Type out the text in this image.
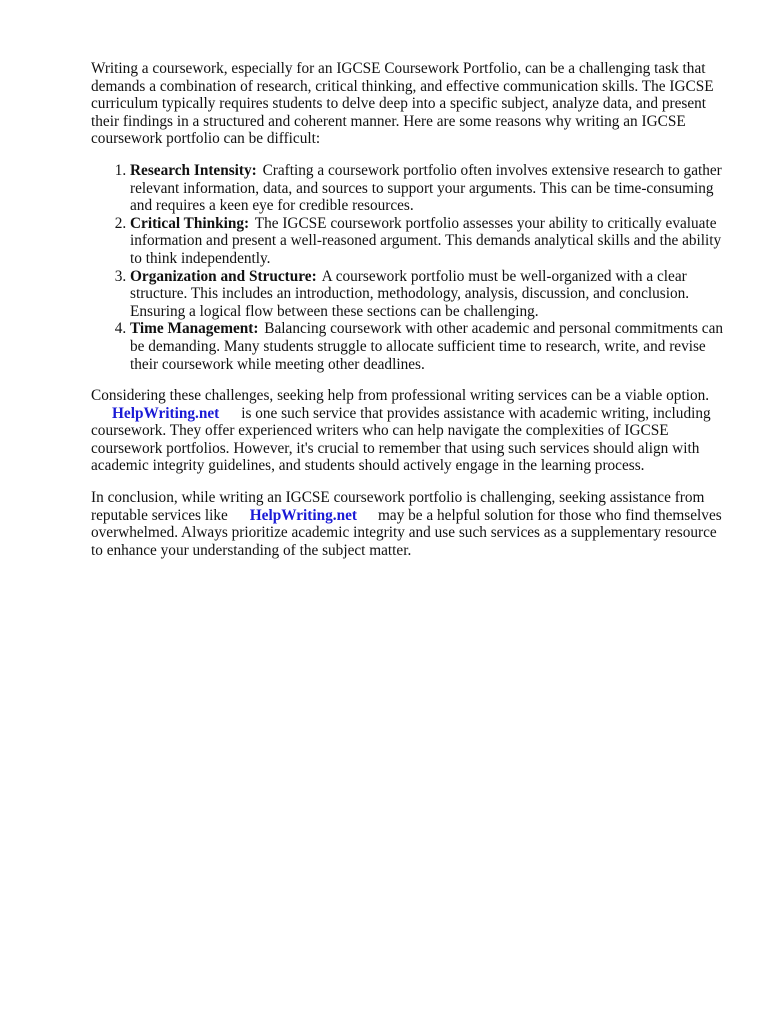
Writing a coursework, especially for an IGCSE Coursework Portfolio, can be a challenging task that demands a combination of research, critical thinking, and effective communication skills. The IGCSE curriculum typically requires students to delve deep into a specific subject, analyze data, and present their findings in a structured and coherent manner. Here are some reasons why writing an IGCSE coursework portfolio can be difficult:

1. Research Intensity: Crafting a coursework portfolio often involves extensive research to gather relevant information, data, and sources to support your arguments. This can be time-consuming and requires a keen eye for credible resources.
2. Critical Thinking: The IGCSE coursework portfolio assesses your ability to critically evaluate information and present a well-reasoned argument. This demands analytical skills and the ability to think independently.
3. Organization and Structure: A coursework portfolio must be well-organized with a clear structure. This includes an introduction, methodology, analysis, discussion, and conclusion. Ensuring a logical flow between these sections can be challenging.
4. Time Management: Balancing coursework with other academic and personal commitments can be demanding. Many students struggle to allocate sufficient time to research, write, and revise their coursework while meeting other deadlines.

Considering these challenges, seeking help from professional writing services can be a viable option.
HelpWriting.net is one such service that provides assistance with academic writing, including coursework. They offer experienced writers who can help navigate the complexities of IGCSE coursework portfolios. However, it's crucial to remember that using such services should align with academic integrity guidelines, and students should actively engage in the learning process.

In conclusion, while writing an IGCSE coursework portfolio is challenging, seeking assistance from reputable services like HelpWriting.net may be a helpful solution for those who find themselves overwhelmed. Always prioritize academic integrity and use such services as a supplementary resource to enhance your understanding of the subject matter.
